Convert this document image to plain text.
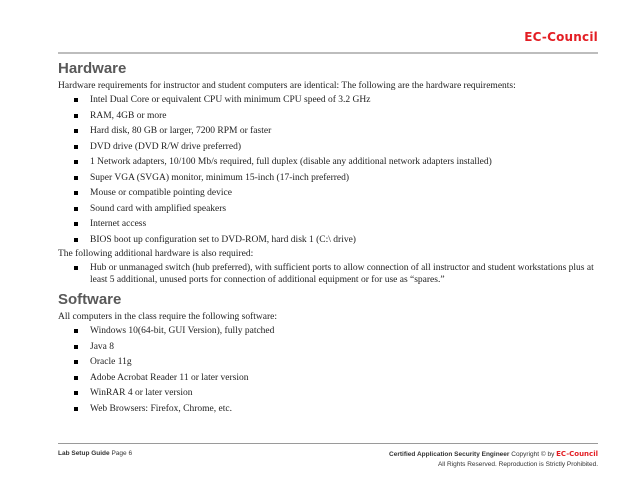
EC-Council
Hardware

Hardware requirements for instructor and student computers are identical: The following are the hardware requirements:

Intel Dual Core or equivalent CPU with minimum CPU speed of 3.2 GHz
RAM, 4GB or more
Hard disk, 80 GB or larger, 7200 RPM or faster
DVD drive (DVD R/W drive preferred)
1 Network adapters, 10/100 Mb/s required, full duplex (disable any additional network adapters installed)
Super VGA (SVGA) monitor, minimum 15-inch (17-inch preferred)
Mouse or compatible pointing device
Sound card with amplified speakers
Internet access
BIOS boot up configuration set to DVD-ROM, hard disk 1 (C:\ drive)

The following additional hardware is also required:

Hub or unmanaged switch (hub preferred), with sufficient ports to allow connection of all instructor and student workstations plus at least 5 additional, unused ports for connection of additional equipment or for use as “spares.”
Software

All computers in the class require the following software:

Windows 10(64-bit, GUI Version), fully patched
Java 8
Oracle 11g
Adobe Acrobat Reader 11 or later version
WinRAR 4 or later version
Web Browsers: Firefox, Chrome, etc.
Lab Setup Guide Page 6	Certified Application Security Engineer Copyright © by EC-Council
All Rights Reserved. Reproduction is Strictly Prohibited.
